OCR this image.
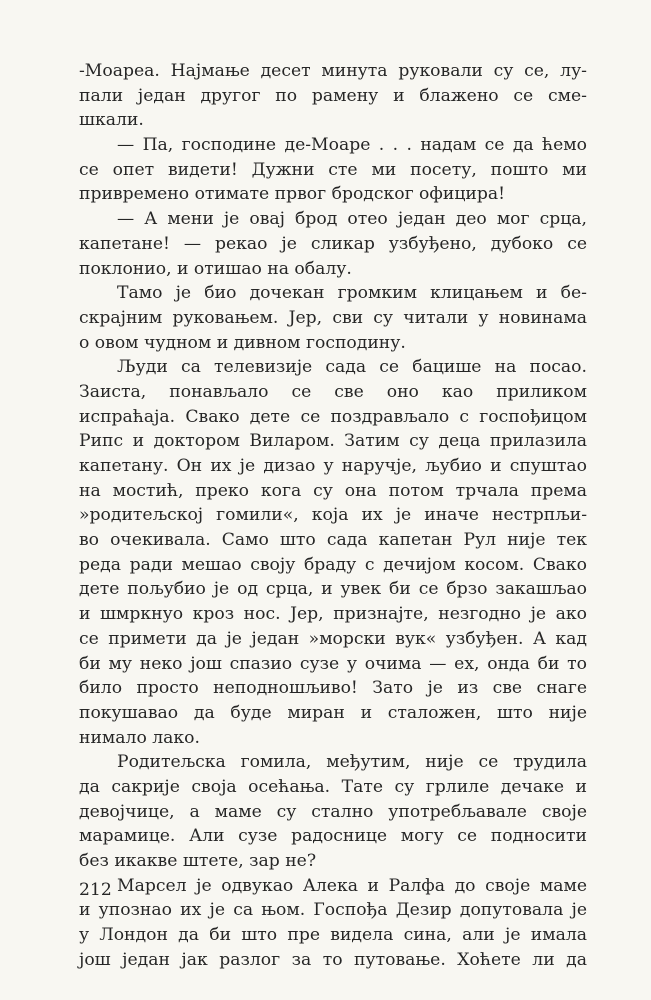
-Мoареа. Најмање десет минута руковали су се, лу-
пали један другог по рамену и блажено се сме-
шкали.
— Па, господине де-Моаре . . . надам се да ћемо
се опет видети! Дужни сте ми посету, пошто ми
привремено отимате првог бродског официра!
— А мени је овај брод отео један део мог срца,
капетане! — рекао је сликар узбуђено, дубоко се
поклонио, и отишао на обалу.
Тамо је био дочекан громким клицањем и бе-
скрајним руковањем. Јер, сви су читали у новинама
о овом чудном и дивном господину.
Људи са телевизије сада се бацише на посао.
Заиста, понављало се све оно као приликом
испраћаја. Свако дете се поздрављало с госпођицом
Рипс и доктором Виларом. Затим су деца прилазила
капетану. Он их је дизао у наручје, љубио и спуштао
на мостић, преко кога су она потом трчала према
»родитељској гомили«, која их је иначе нестрпљи-
во очекивала. Само што сада капетан Рул није тек
реда ради мешао своју браду с дечијом косом. Свако
дете пољубио је од срца, и увек би се брзо закашљао
и шмркнуо кроз нос. Јер, признајте, незгодно је ако
се примети да је један »морски вук« узбуђен. А кад
би му неко још спазио сузе у очима — ех, онда би то
било просто неподношљиво! Зато је из све снаге
покушавао да буде миран и сталожен, што није
нимало лако.
Родитељска гомила, међутим, није се трудила
да сакрије своја осећања. Тате су грлиле дечаке и
девојчице, а маме су стално употребљавале своје
марамице. Али сузе радоснице могу се подносити
без икакве штете, зар не?
Марсел је одвукао Алека и Ралфа до своје маме
и упознао их је са њом. Госпођа Дезир допутовала је
у Лондон да би што пре видела сина, али је имала
још један јак разлог за то путовање. Хоћете ли да
212
